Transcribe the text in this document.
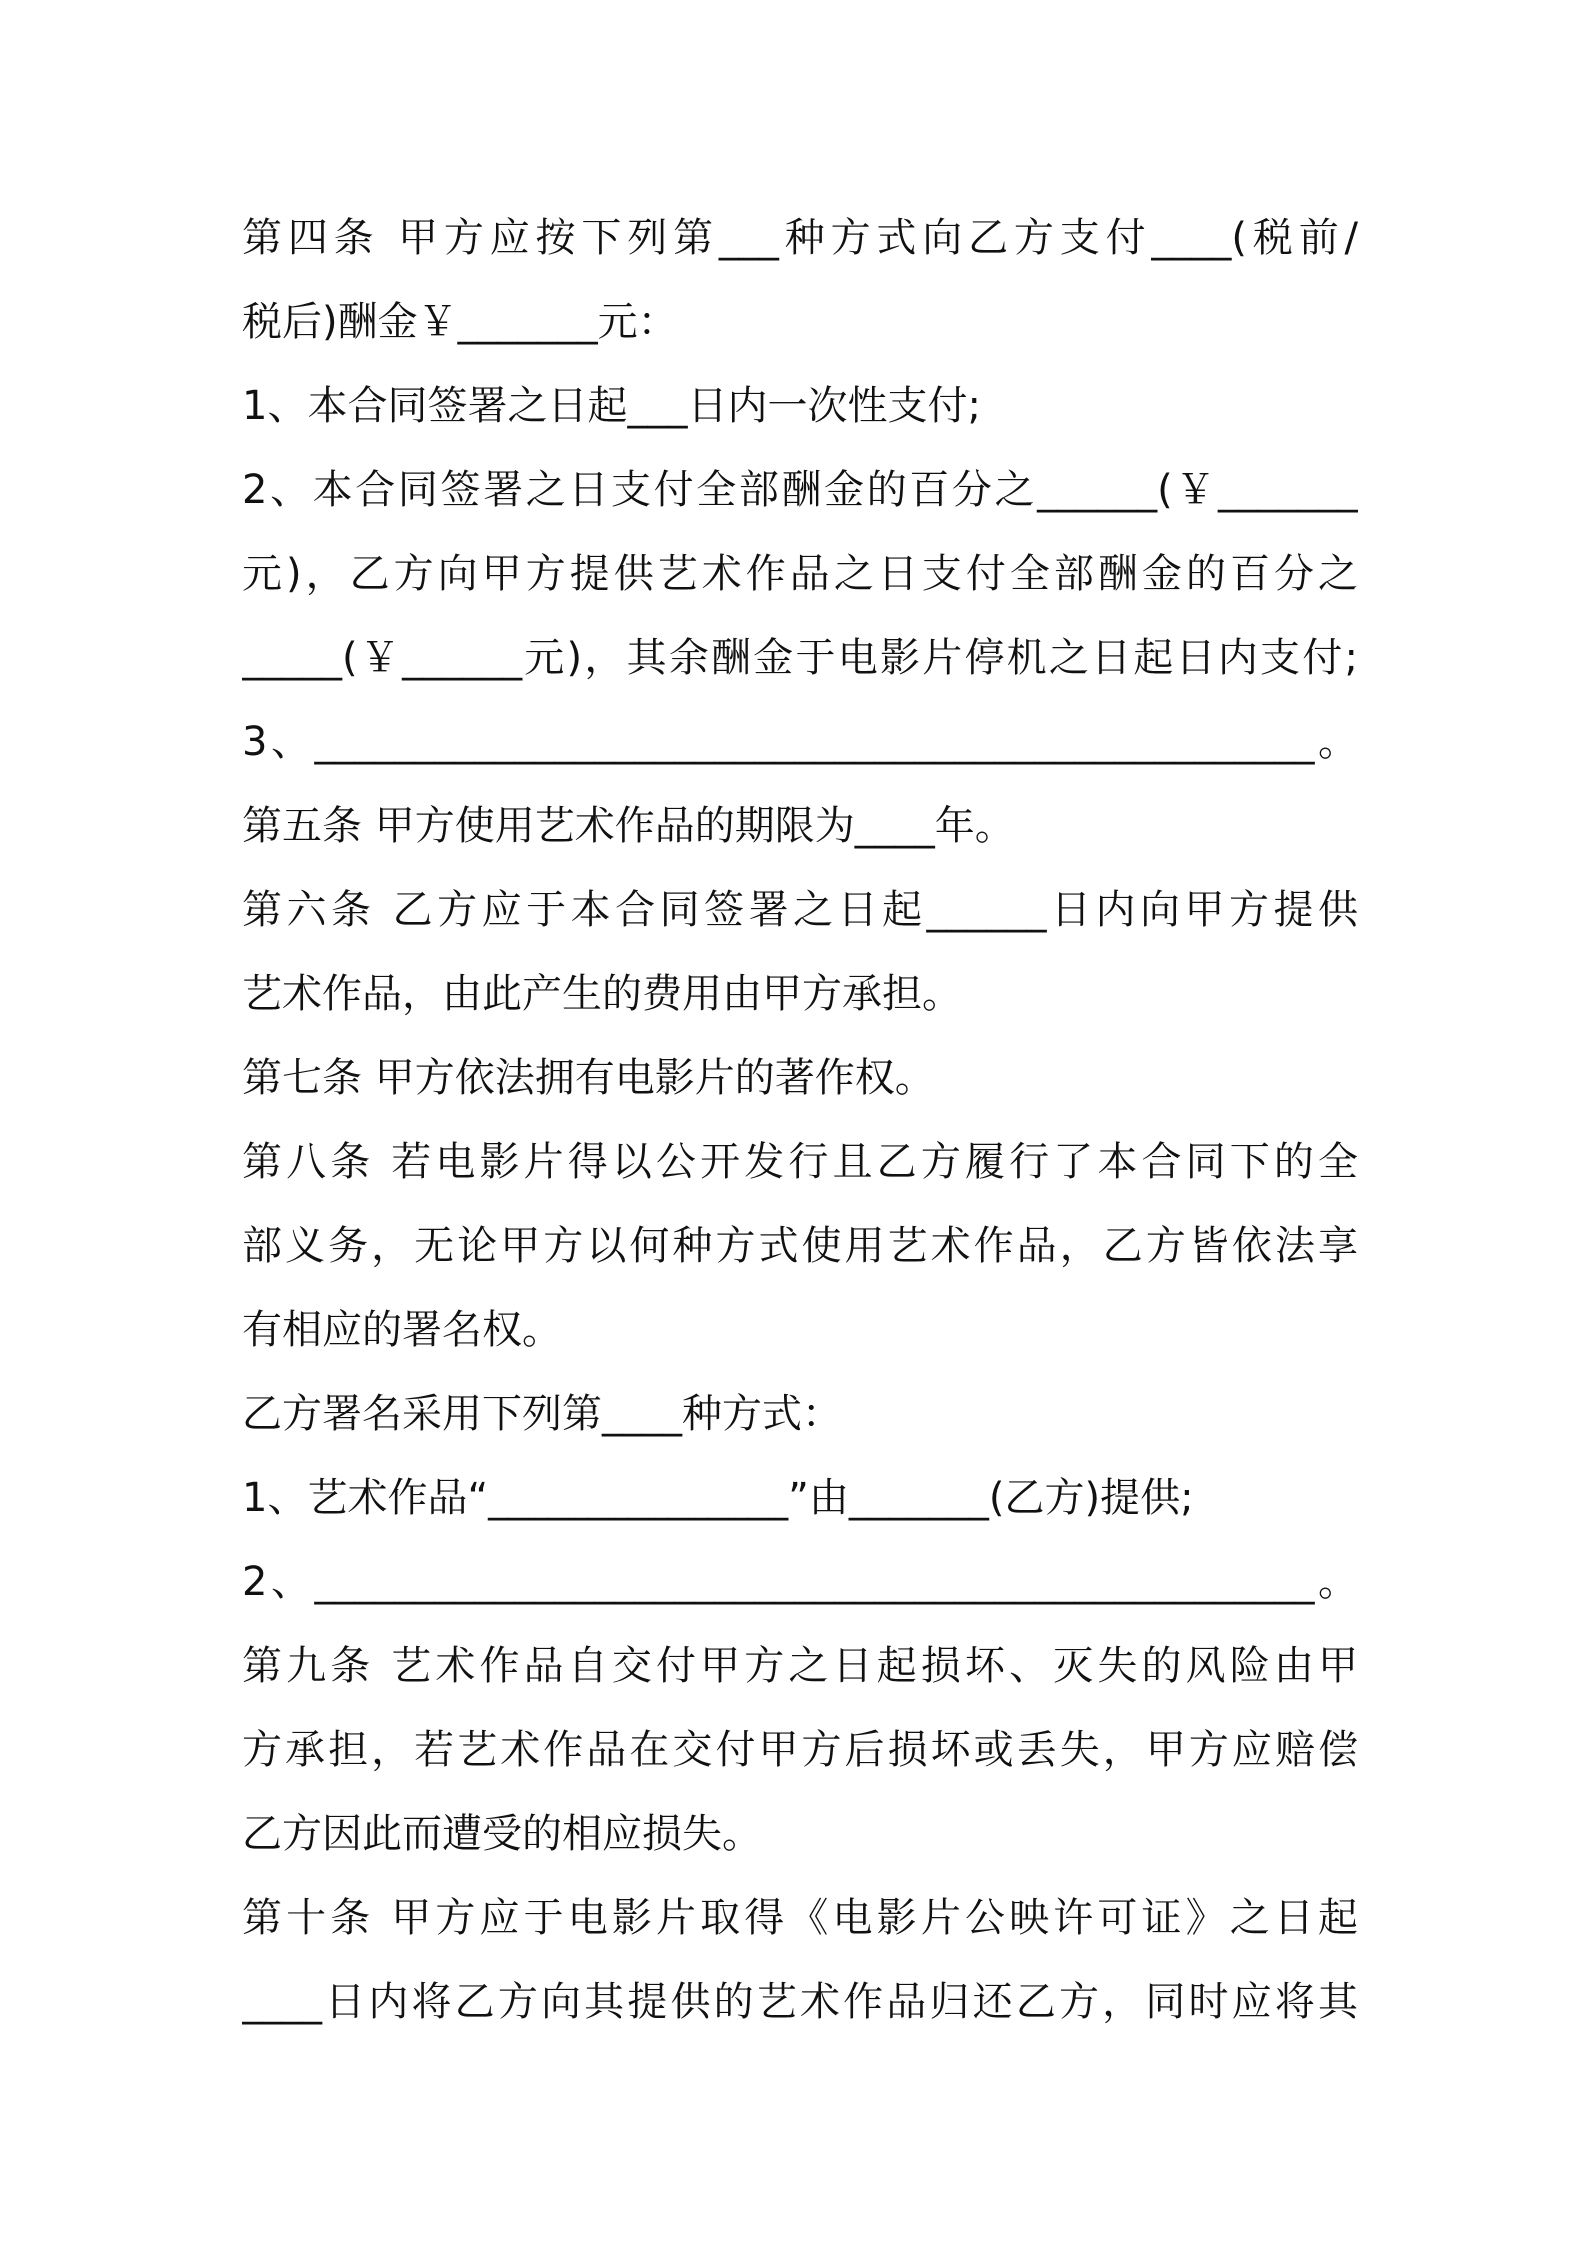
第四条 甲方应按下列第___种方式向乙方支付____(税前/
税后)酬金￥_______元：
1、本合同签署之日起___日内一次性支付;
2、本合同签署之日支付全部酬金的百分之______(￥_______
元)，乙方向甲方提供艺术作品之日支付全部酬金的百分之
_____(￥______元)，其余酬金于电影片停机之日起日内支付;
3、__________________________________________________。
第五条 甲方使用艺术作品的期限为____年。
第六条 乙方应于本合同签署之日起______日内向甲方提供
艺术作品，由此产生的费用由甲方承担。
第七条 甲方依法拥有电影片的著作权。
第八条 若电影片得以公开发行且乙方履行了本合同下的全
部义务，无论甲方以何种方式使用艺术作品，乙方皆依法享
有相应的署名权。
乙方署名采用下列第____种方式：
1、艺术作品“_______________”由_______(乙方)提供;
2、__________________________________________________。
第九条 艺术作品自交付甲方之日起损坏、灭失的风险由甲
方承担，若艺术作品在交付甲方后损坏或丢失，甲方应赔偿
乙方因此而遭受的相应损失。
第十条 甲方应于电影片取得《电影片公映许可证》之日起
____日内将乙方向其提供的艺术作品归还乙方，同时应将其
